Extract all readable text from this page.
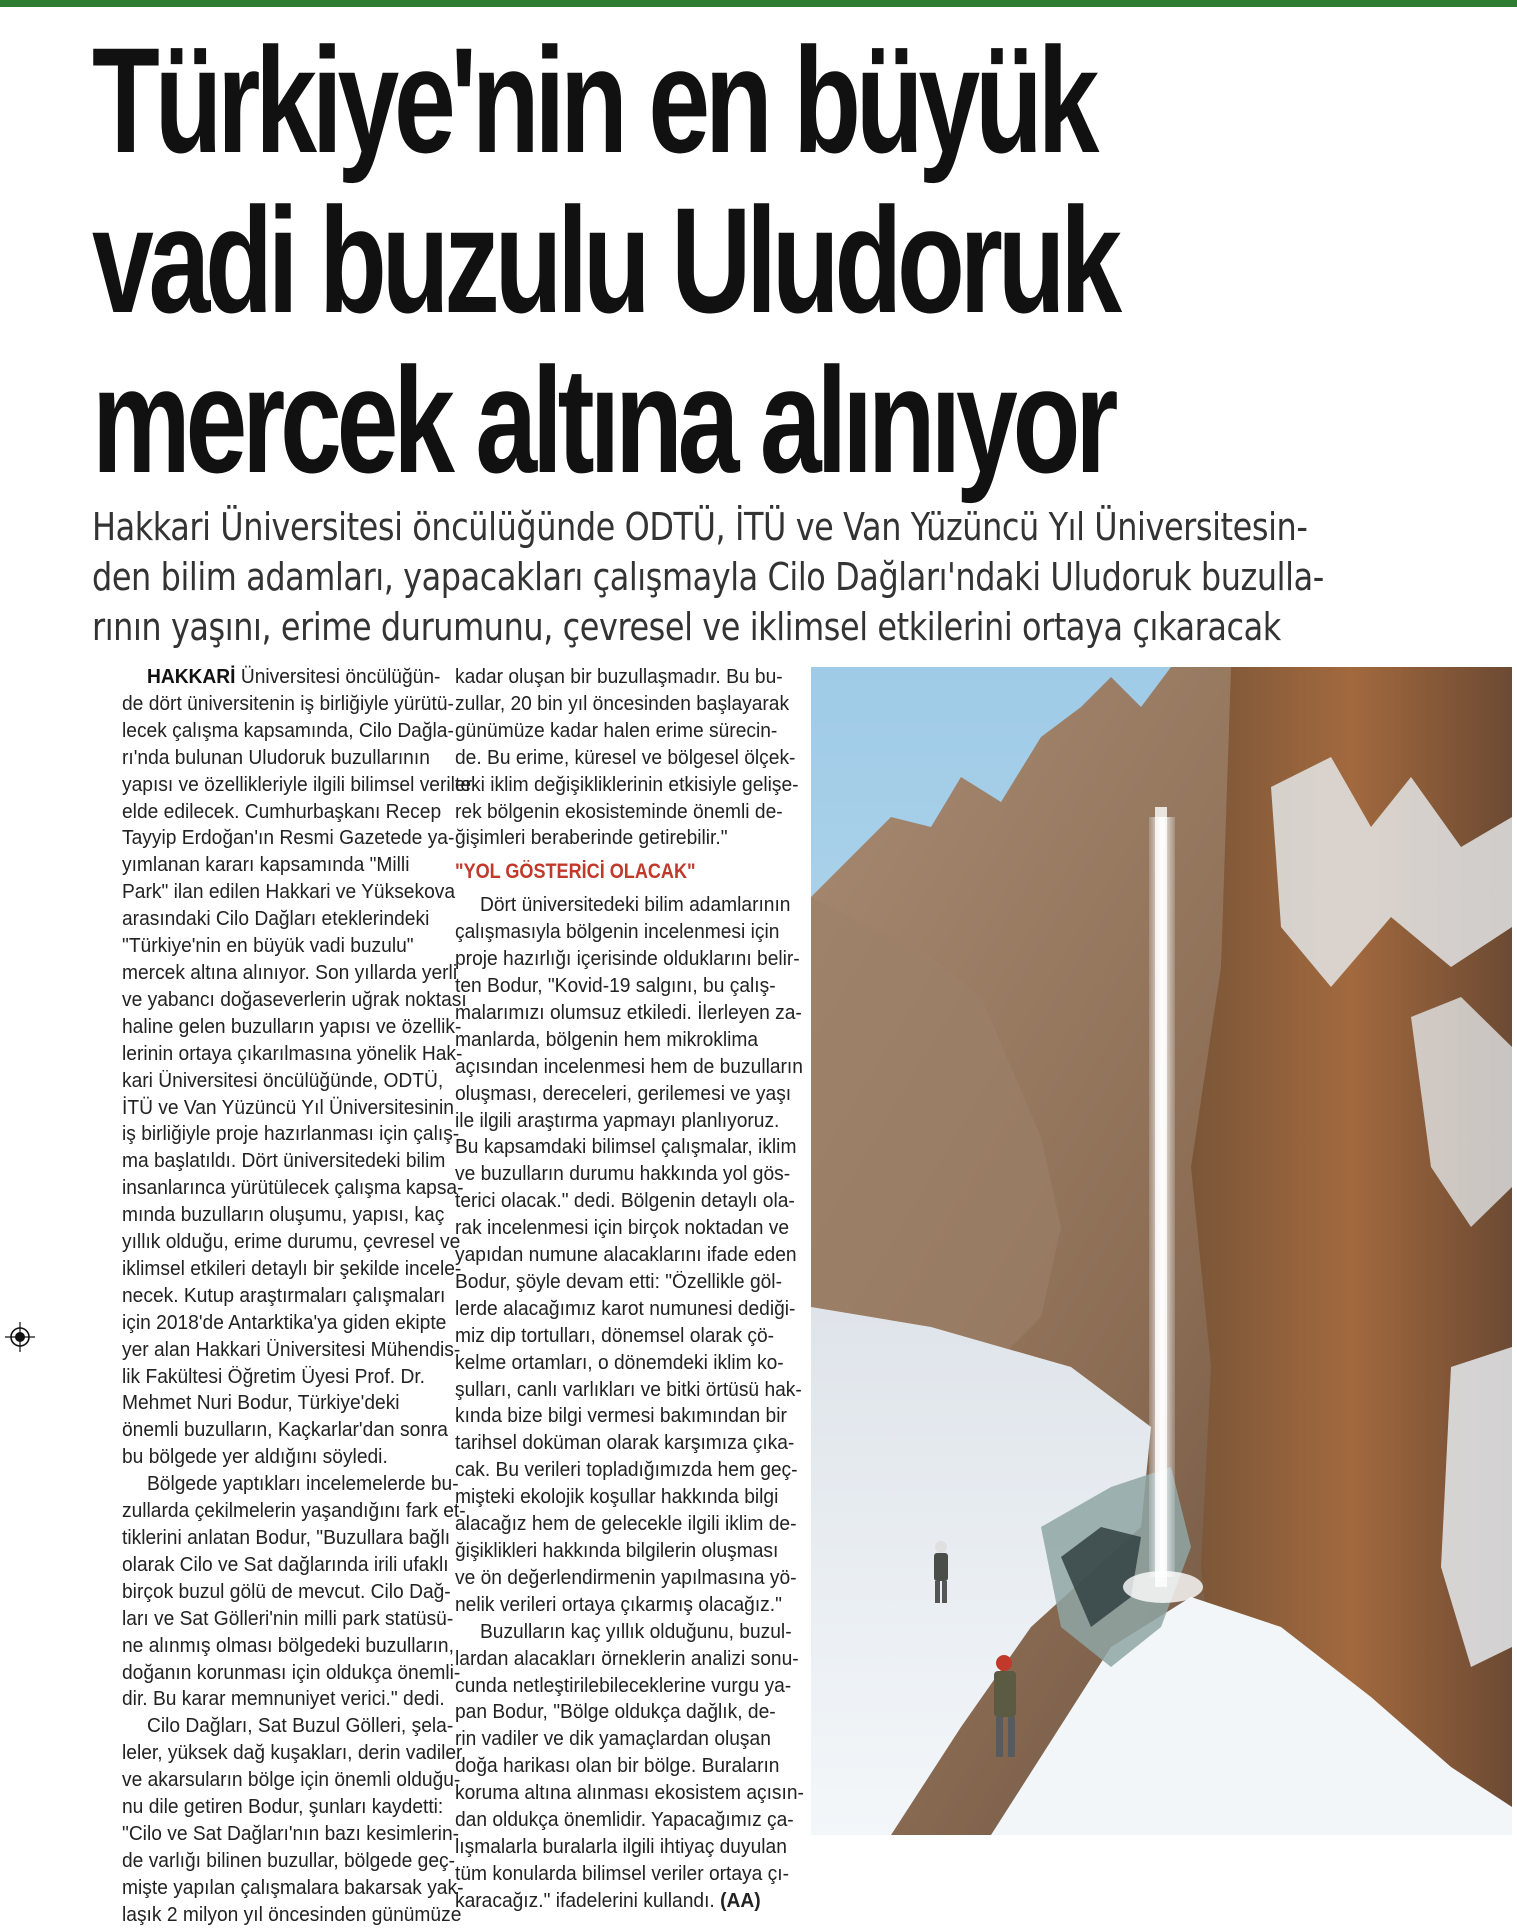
Türkiye'nin en büyük
vadi buzulu Uludoruk
mercek altına alınıyor

Hakkari Üniversitesi öncülüğünde ODTÜ, İTÜ ve Van Yüzüncü Yıl Üniversitesin-
den bilim adamları, yapacakları çalışmayla Cilo Dağları'ndaki Uludoruk buzulla-
rının yaşını, erime durumunu, çevresel ve iklimsel etkilerini ortaya çıkaracak

HAKKARİ Üniversitesi öncülüğün-
de dört üniversitenin iş birliğiyle yürütü-
lecek çalışma kapsamında, Cilo Dağla-
rı'nda bulunan Uludoruk buzullarının
yapısı ve özellikleriyle ilgili bilimsel veriler
elde edilecek. Cumhurbaşkanı Recep
Tayyip Erdoğan'ın Resmi Gazetede ya-
yımlanan kararı kapsamında "Milli
Park" ilan edilen Hakkari ve Yüksekova
arasındaki Cilo Dağları eteklerindeki
"Türkiye'nin en büyük vadi buzulu"
mercek altına alınıyor. Son yıllarda yerli
ve yabancı doğaseverlerin uğrak noktası
haline gelen buzulların yapısı ve özellik-
lerinin ortaya çıkarılmasına yönelik Hak-
kari Üniversitesi öncülüğünde, ODTÜ,
İTÜ ve Van Yüzüncü Yıl Üniversitesinin
iş birliğiyle proje hazırlanması için çalış-
ma başlatıldı. Dört üniversitedeki bilim
insanlarınca yürütülecek çalışma kapsa-
mında buzulların oluşumu, yapısı, kaç
yıllık olduğu, erime durumu, çevresel ve
iklimsel etkileri detaylı bir şekilde incele-
necek. Kutup araştırmaları çalışmaları
için 2018'de Antarktika'ya giden ekipte
yer alan Hakkari Üniversitesi Mühendis-
lik Fakültesi Öğretim Üyesi Prof. Dr.
Mehmet Nuri Bodur, Türkiye'deki
önemli buzulların, Kaçkarlar'dan sonra
bu bölgede yer aldığını söyledi.
Bölgede yaptıkları incelemelerde bu-
zullarda çekilmelerin yaşandığını fark et-
tiklerini anlatan Bodur, "Buzullara bağlı
olarak Cilo ve Sat dağlarında irili ufaklı
birçok buzul gölü de mevcut. Cilo Dağ-
ları ve Sat Gölleri'nin milli park statüsü-
ne alınmış olması bölgedeki buzulların,
doğanın korunması için oldukça önemli-
dir. Bu karar memnuniyet verici." dedi.
Cilo Dağları, Sat Buzul Gölleri, şela-
leler, yüksek dağ kuşakları, derin vadiler
ve akarsuların bölge için önemli olduğu-
nu dile getiren Bodur, şunları kaydetti:
"Cilo ve Sat Dağları'nın bazı kesimlerin-
de varlığı bilinen buzullar, bölgede geç-
mişte yapılan çalışmalara bakarsak yak-
laşık 2 milyon yıl öncesinden günümüze
kadar oluşan bir buzullaşmadır. Bu bu-
zullar, 20 bin yıl öncesinden başlayarak
günümüze kadar halen erime sürecin-
de. Bu erime, küresel ve bölgesel ölçek-
teki iklim değişikliklerinin etkisiyle gelişe-
rek bölgenin ekosisteminde önemli de-
ğişimleri beraberinde getirebilir."
"YOL GÖSTERİCİ OLACAK"
Dört üniversitedeki bilim adamlarının
çalışmasıyla bölgenin incelenmesi için
proje hazırlığı içerisinde olduklarını belir-
ten Bodur, "Kovid-19 salgını, bu çalış-
malarımızı olumsuz etkiledi. İlerleyen za-
manlarda, bölgenin hem mikroklima
açısından incelenmesi hem de buzulların
oluşması, dereceleri, gerilemesi ve yaşı
ile ilgili araştırma yapmayı planlıyoruz.
Bu kapsamdaki bilimsel çalışmalar, iklim
ve buzulların durumu hakkında yol gös-
terici olacak." dedi. Bölgenin detaylı ola-
rak incelenmesi için birçok noktadan ve
yapıdan numune alacaklarını ifade eden
Bodur, şöyle devam etti: "Özellikle göl-
lerde alacağımız karot numunesi dediği-
miz dip tortulları, dönemsel olarak çö-
kelme ortamları, o dönemdeki iklim ko-
şulları, canlı varlıkları ve bitki örtüsü hak-
kında bize bilgi vermesi bakımından bir
tarihsel doküman olarak karşımıza çıka-
cak. Bu verileri topladığımızda hem geç-
mişteki ekolojik koşullar hakkında bilgi
alacağız hem de gelecekle ilgili iklim de-
ğişiklikleri hakkında bilgilerin oluşması
ve ön değerlendirmenin yapılmasına yö-
nelik verileri ortaya çıkarmış olacağız."
Buzulların kaç yıllık olduğunu, buzul-
lardan alacakları örneklerin analizi sonu-
cunda netleştirilebileceklerine vurgu ya-
pan Bodur, "Bölge oldukça dağlık, de-
rin vadiler ve dik yamaçlardan oluşan
doğa harikası olan bir bölge. Buraların
koruma altına alınması ekosistem açısın-
dan oldukça önemlidir. Yapacağımız ça-
lışmalarla buralarla ilgili ihtiyaç duyulan
tüm konularda bilimsel veriler ortaya çı-
karacağız." ifadelerini kullandı. (AA)
